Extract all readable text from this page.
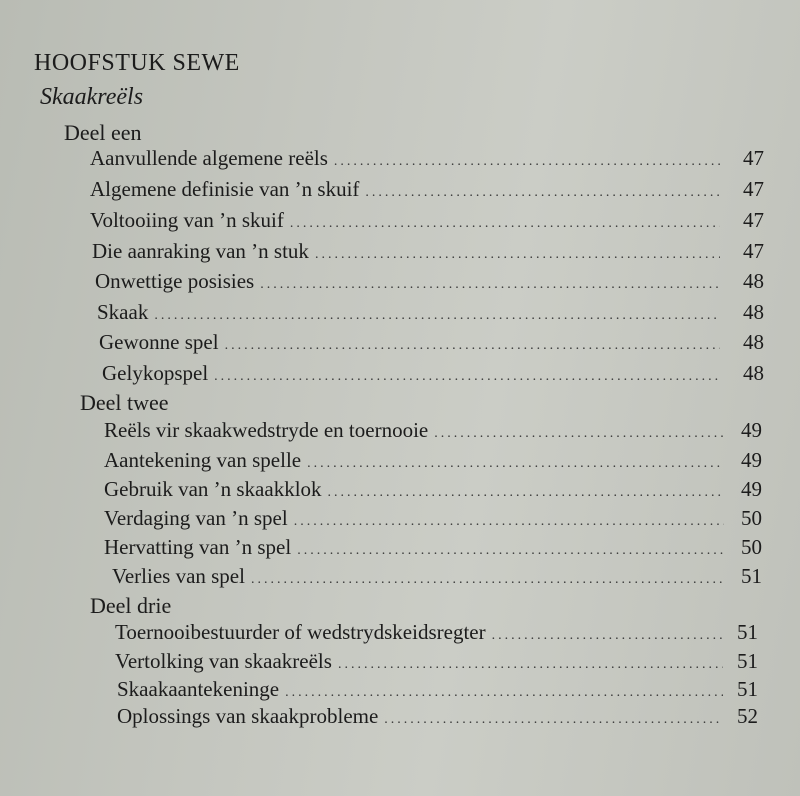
HOOFSTUK SEWE
Skaakreëls
Deel een
Aanvullende algemene reëls .....	47
Algemene definisie van ’n skuif .....	47
Voltooiing van ’n skuif .....	47
Die aanraking van ’n stuk .....	47
Onwettige posisies .....	48
Skaak .....	48
Gewonne spel .....	48
Gelykopspel .....	48
Deel twee
Reëls vir skaakwedstryde en toernooie .....	49
Aantekening van spelle .....	49
Gebruik van ’n skaakklok .....	49
Verdaging van ’n spel .....	50
Hervatting van ’n spel .....	50
Verlies van spel .....	51
Deel drie
Toernooibestuurder of wedstrydskeidsregter .....	51
Vertolking van skaakreëls .....	51
Skaakaantekeninge .....	51
Oplossings van skaakprobleme .....	52
